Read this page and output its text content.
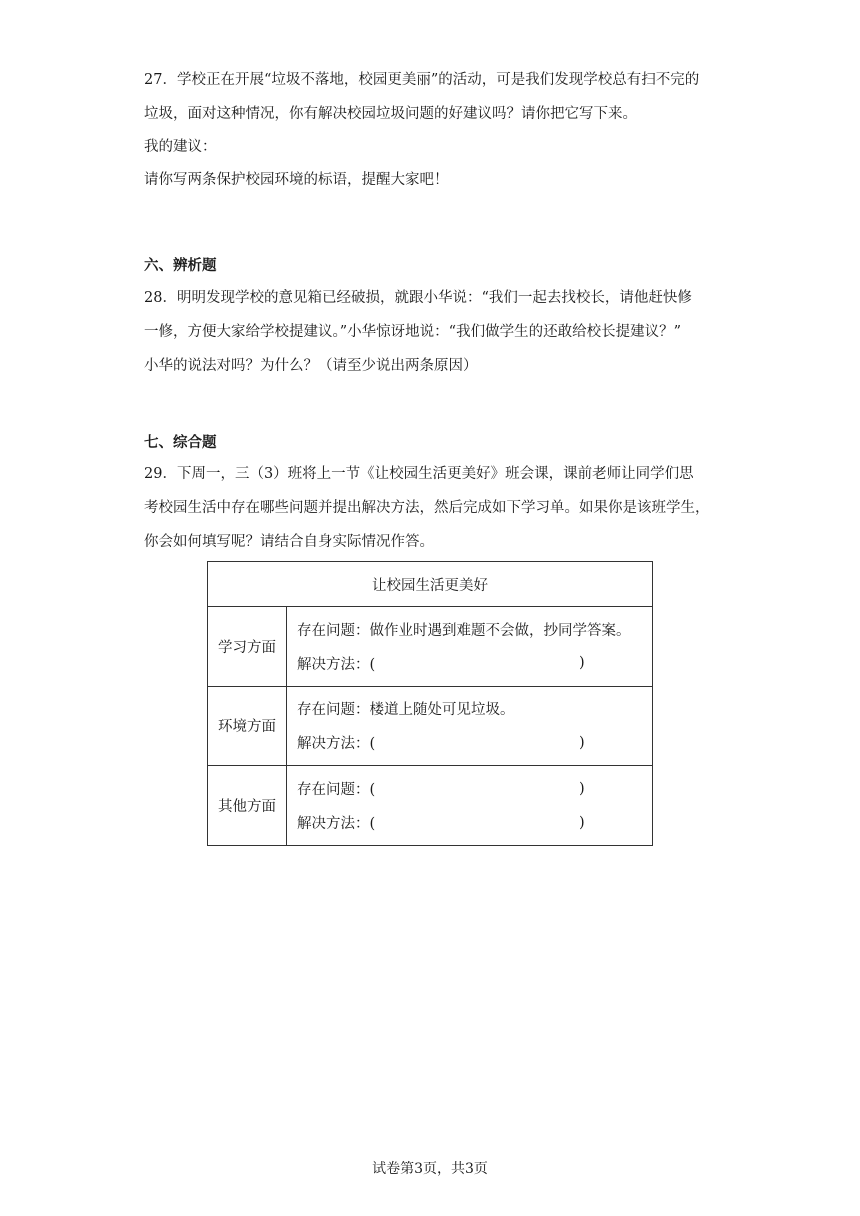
27．学校正在开展“垃圾不落地，校园更美丽”的活动，可是我们发现学校总有扫不完的
垃圾，面对这种情况，你有解决校园垃圾问题的好建议吗？请你把它写下来。
我的建议：
请你写两条保护校园环境的标语，提醒大家吧！
六、辨析题
28．明明发现学校的意见箱已经破损，就跟小华说：“我们一起去找校长，请他赶快修
一修，方便大家给学校提建议。”小华惊讶地说：“我们做学生的还敢给校长提建议？”
小华的说法对吗？为什么？（请至少说出两条原因）
七、综合题
29．下周一，三（3）班将上一节《让校园生活更美好》班会课，课前老师让同学们思
考校园生活中存在哪些问题并提出解决方法，然后完成如下学习单。如果你是该班学生，
你会如何填写呢？请结合自身实际情况作答。
让校园生活更美好	
学习方面	存在问题：做作业时遇到难题不会做，抄同学答案。
解决方法：( )

环境方面	存在问题：楼道上随处可见垃圾。
解决方法：( )

其他方面	存在问题：( )
解决方法：( )
试卷第3页，共3页
